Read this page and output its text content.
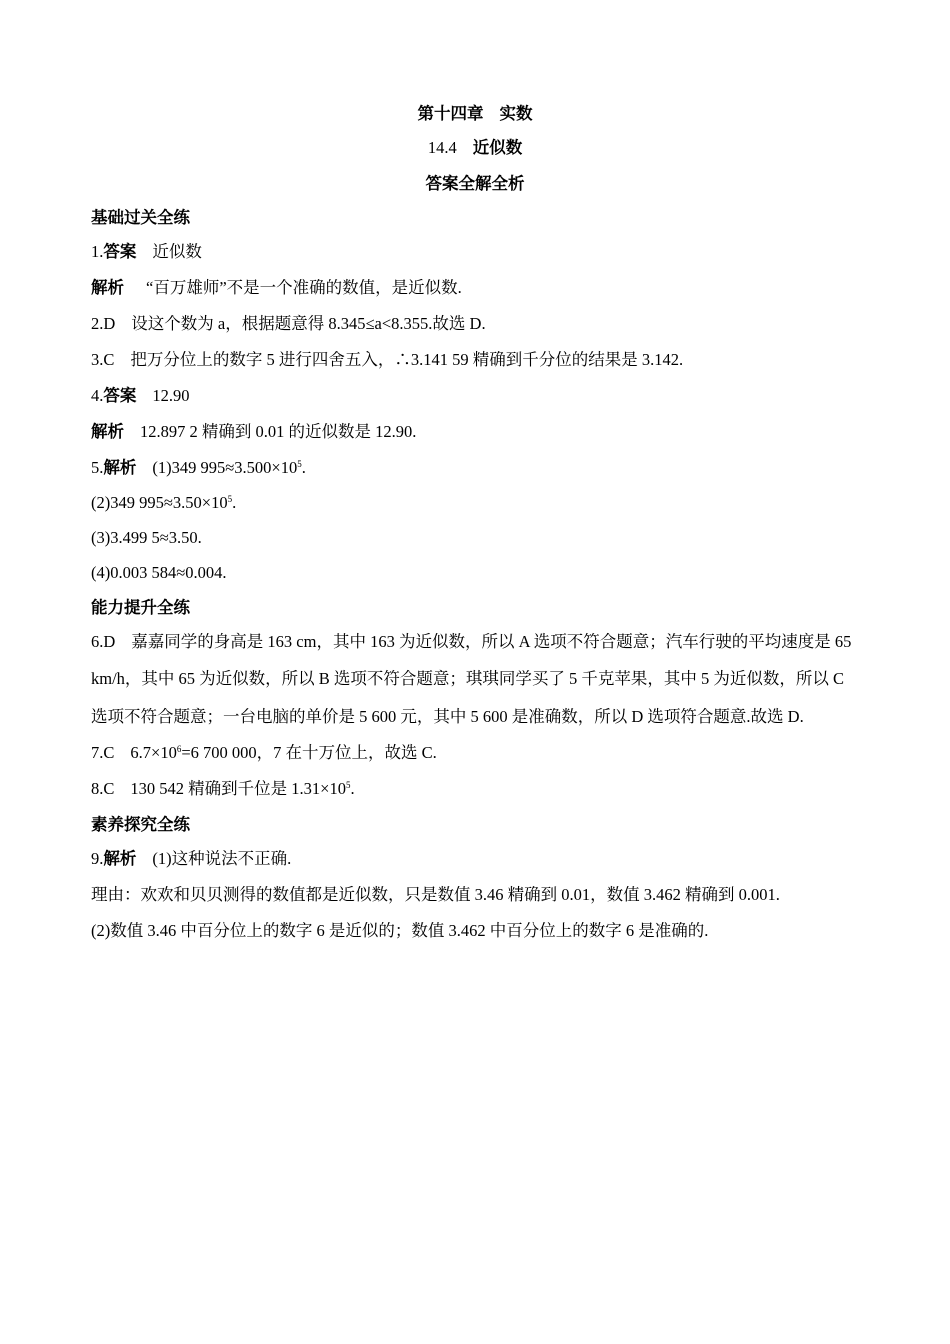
第十四章 实数
14.4 近似数
答案全解全析
基础过关全练
1.答案 近似数
解析 “百万雄师”不是一个准确的数值，是近似数.
2.D 设这个数为 a，根据题意得 8.345≤a<8.355.故选 D.
3.C 把万分位上的数字 5 进行四舍五入，∴3.141 59 精确到千分位的结果是 3.142.
4.答案 12.90
解析 12.897 2 精确到 0.01 的近似数是 12.90.
5.解析 (1)349 $995\approx 3.500\times 10^5$.
(2)349 $995\approx 3.50\times 10^5$.
(3)3.499 5≈3.50.
(4)0.003 584≈0.004.
能力提升全练
6.D 嘉嘉同学的身高是 163 cm，其中 163 为近似数，所以 A 选项不符合题意；汽车行驶的平均速度是 65
km/h，其中 65 为近似数，所以 B 选项不符合题意；琪琪同学买了 5 千克苹果，其中 5 为近似数，所以 C
选项不符合题意；一台电脑的单价是 5 600 元，其中 5 600 是准确数，所以 D 选项符合题意.故选 D.
7.C $6.7\times 10^6=6$ 700 000，7 在十万位上，故选 C.
8.C 130 542 精确到千位是 $1.31\times 10^5$.
素养探究全练
9.解析 (1)这种说法不正确.
理由：欢欢和贝贝测得的数值都是近似数，只是数值 3.46 精确到 0.01，数值 3.462 精确到 0.001.
(2)数值 3.46 中百分位上的数字 6 是近似的；数值 3.462 中百分位上的数字 6 是准确的.
